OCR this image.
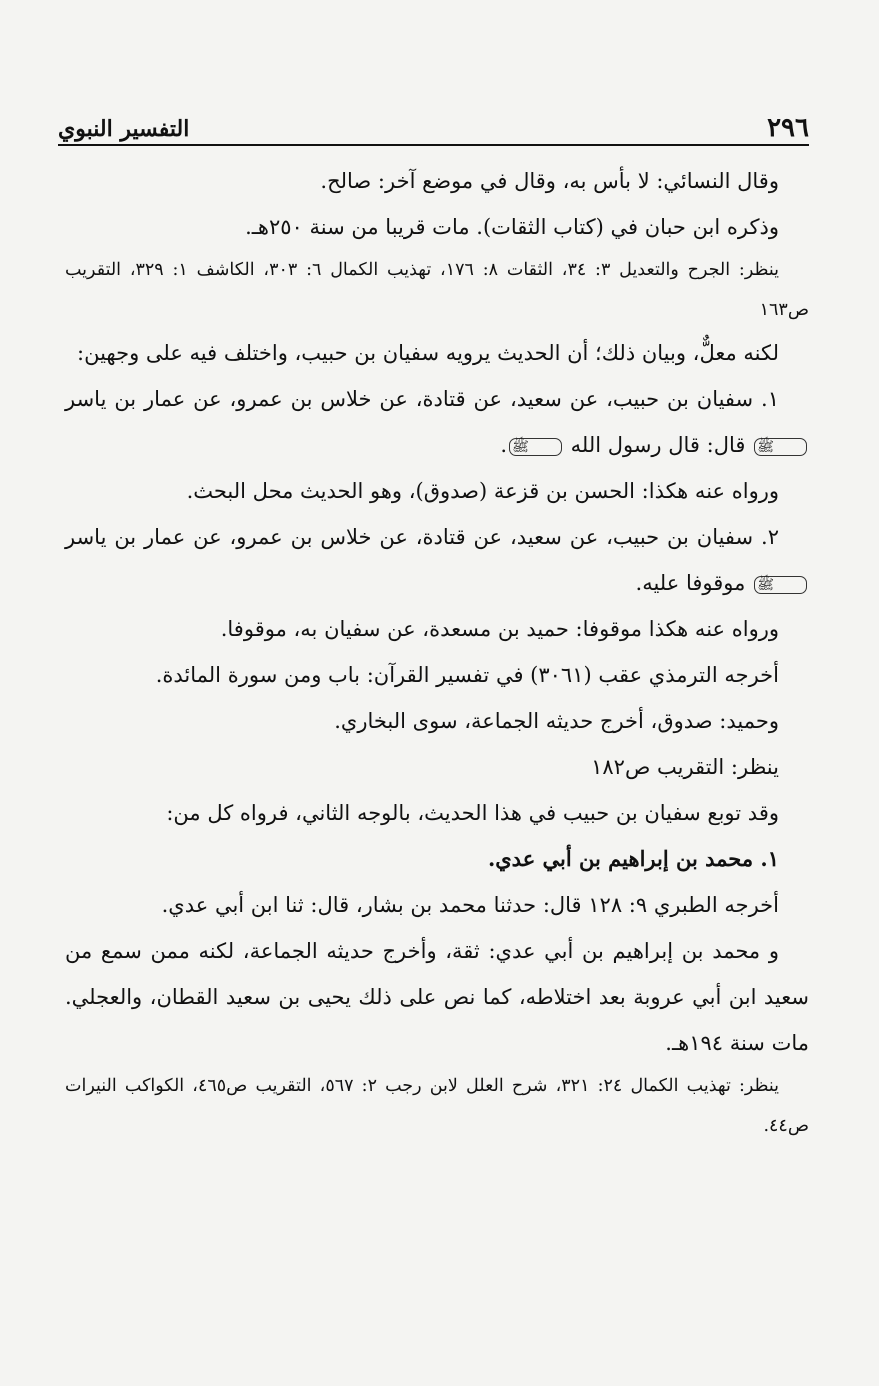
٢٩٦
التفسير النبوي

وقال النسائي: لا بأس به، وقال في موضع آخر: صالح.

وذكره ابن حبان في (كتاب الثقات). مات قريبا من سنة ٢٥٠هـ.

ينظر: الجرح والتعديل ٣: ٣٤، الثقات ٨: ١٧٦، تهذيب الكمال ٦: ٣٠٣، الكاشف ١: ٣٢٩، التقريب ص١٦٣

لكنه معلٌّ، وبيان ذلك؛ أن الحديث يرويه سفيان بن حبيب، واختلف فيه على وجهين:

١. سفيان بن حبيب، عن سعيد، عن قتادة، عن خلاس بن عمرو، عن عمار بن ياسر ﷺ قال: قال رسول الله ﷺ.

ورواه عنه هكذا: الحسن بن قزعة (صدوق)، وهو الحديث محل البحث.

٢. سفيان بن حبيب، عن سعيد، عن قتادة، عن خلاس بن عمرو، عن عمار بن ياسر ﷺ موقوفا عليه.

ورواه عنه هكذا موقوفا: حميد بن مسعدة، عن سفيان به، موقوفا.

أخرجه الترمذي عقب (٣٠٦١) في تفسير القرآن: باب ومن سورة المائدة.

وحميد: صدوق، أخرج حديثه الجماعة، سوى البخاري.

ينظر: التقريب ص١٨٢

وقد توبع سفيان بن حبيب في هذا الحديث، بالوجه الثاني، فرواه كل من:

١. محمد بن إبراهيم بن أبي عدي.

أخرجه الطبري ٩: ١٢٨ قال: حدثنا محمد بن بشار، قال: ثنا ابن أبي عدي.

و محمد بن إبراهيم بن أبي عدي: ثقة، وأخرج حديثه الجماعة، لكنه ممن سمع من سعيد ابن أبي عروبة بعد اختلاطه، كما نص على ذلك يحيى بن سعيد القطان، والعجلي. مات سنة ١٩٤هـ.

ينظر: تهذيب الكمال ٢٤: ٣٢١، شرح العلل لابن رجب ٢: ٥٦٧، التقريب ص٤٦٥، الكواكب النيرات ص٤٤.
